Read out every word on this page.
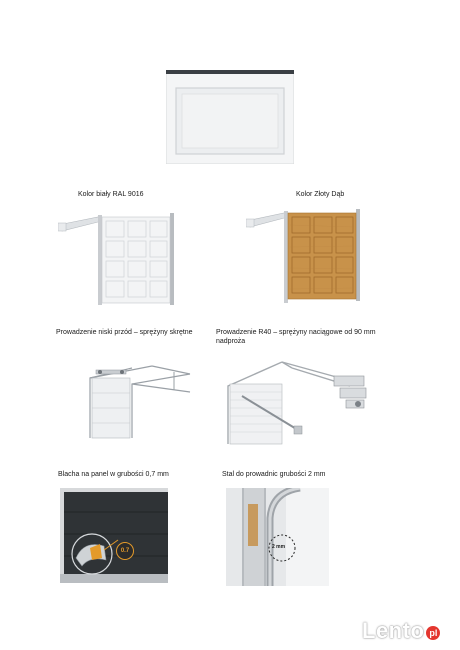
Kolor biały RAL 9016	Kolor Złoty Dąb
Prowadzenie niski przód – sprężyny skrętne	Prowadzenie R40 – sprężyny naciągowe od 90 mm nadproża
Blacha na panel w grubości 0,7 mm	Stal do prowadnic grubości 2 mm
0.7
2 mm
Lento pl
